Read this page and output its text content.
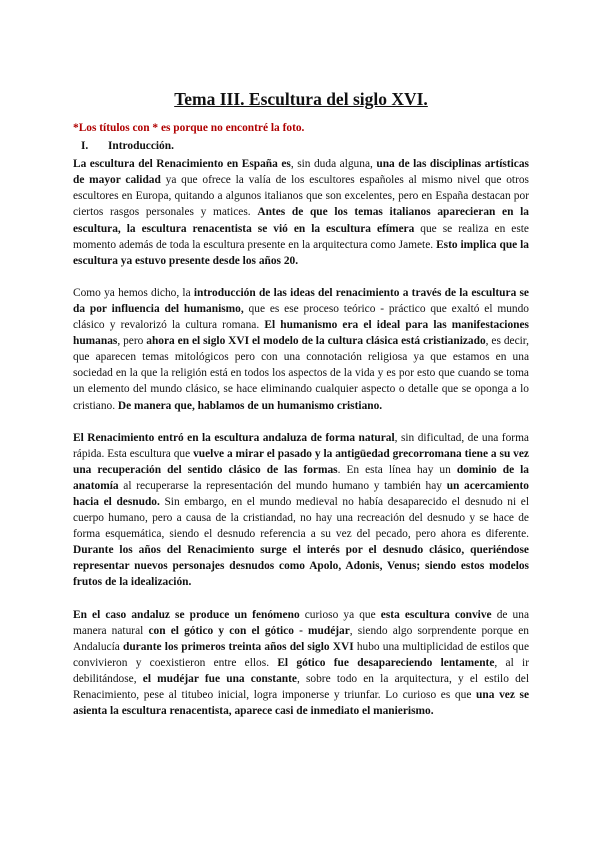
Tema III. Escultura del siglo XVI.
*Los títulos con * es porque no encontré la foto.
I. Introducción.

La escultura del Renacimiento en España es, sin duda alguna, una de las disciplinas artísticas de mayor calidad ya que ofrece la valía de los escultores españoles al mismo nivel que otros escultores en Europa, quitando a algunos italianos que son excelentes, pero en España destacan por ciertos rasgos personales y matices. Antes de que los temas italianos aparecieran en la escultura, la escultura renacentista se vió en la escultura efímera que se realiza en este momento además de toda la escultura presente en la arquitectura como Jamete. Esto implica que la escultura ya estuvo presente desde los años 20.

Como ya hemos dicho, la introducción de las ideas del renacimiento a través de la escultura se da por influencia del humanismo, que es ese proceso teórico - práctico que exaltó el mundo clásico y revalorizó la cultura romana. El humanismo era el ideal para las manifestaciones humanas, pero ahora en el siglo XVI el modelo de la cultura clásica está cristianizado, es decir, que aparecen temas mitológicos pero con una connotación religiosa ya que estamos en una sociedad en la que la religión está en todos los aspectos de la vida y es por esto que cuando se toma un elemento del mundo clásico, se hace eliminando cualquier aspecto o detalle que se oponga a lo cristiano. De manera que, hablamos de un humanismo cristiano.

El Renacimiento entró en la escultura andaluza de forma natural, sin dificultad, de una forma rápida. Esta escultura que vuelve a mirar el pasado y la antigüedad grecorromana tiene a su vez una recuperación del sentido clásico de las formas. En esta línea hay un dominio de la anatomía al recuperarse la representación del mundo humano y también hay un acercamiento hacia el desnudo. Sin embargo, en el mundo medieval no había desaparecido el desnudo ni el cuerpo humano, pero a causa de la cristiandad, no hay una recreación del desnudo y se hace de forma esquemática, siendo el desnudo referencia a su vez del pecado, pero ahora es diferente. Durante los años del Renacimiento surge el interés por el desnudo clásico, queriéndose representar nuevos personajes desnudos como Apolo, Adonis, Venus; siendo estos modelos frutos de la idealización.

En el caso andaluz se produce un fenómeno curioso ya que esta escultura convive de una manera natural con el gótico y con el gótico - mudéjar, siendo algo sorprendente porque en Andalucía durante los primeros treinta años del siglo XVI hubo una multiplicidad de estilos que convivieron y coexistieron entre ellos. El gótico fue desapareciendo lentamente, al ir debilitándose, el mudéjar fue una constante, sobre todo en la arquitectura, y el estilo del Renacimiento, pese al titubeo inicial, logra imponerse y triunfar. Lo curioso es que una vez se asienta la escultura renacentista, aparece casi de inmediato el manierismo.
